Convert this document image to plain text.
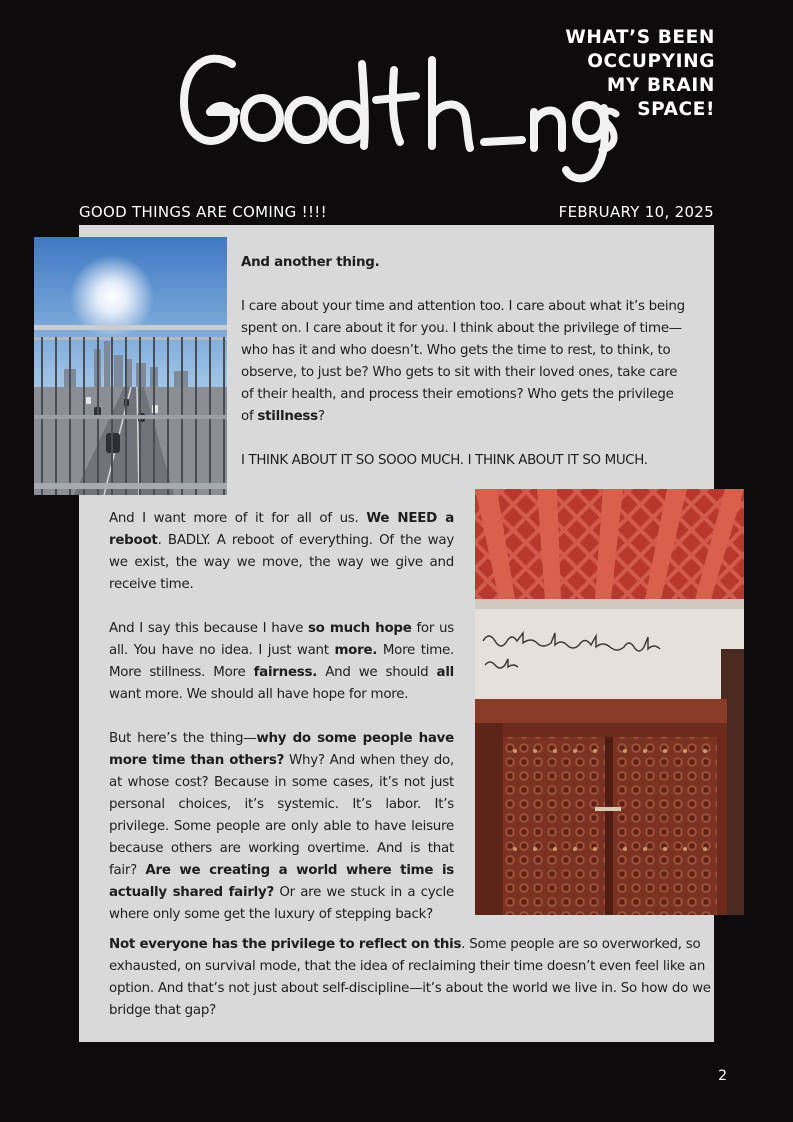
WHAT’S BEEN
OCCUPYING
MY BRAIN
SPACE!
GOOD THINGS ARE COMING !!!!	FEBRUARY 10, 2025

And another thing.

I care about your time and attention too. I care about what it’s being spent on. I care about it for you. I think about the privilege of time—who has it and who doesn’t. Who gets the time to rest, to think, to observe, to just be? Who gets to sit with their loved ones, take care of their health, and process their emotions? Who gets the privilege of stillness?

I THINK ABOUT IT SO SOOO MUCH. I THINK ABOUT IT SO MUCH.

And I want more of it for all of us. We NEED a reboot. BADLY. A reboot of everything. Of the way we exist, the way we move, the way we give and receive time.

And I say this because I have so much hope for us all. You have no idea. I just want more. More time. More stillness. More fairness. And we should all want more. We should all have hope for more.

But here’s the thing—why do some people have more time than others? Why? And when they do, at whose cost? Because in some cases, it’s not just personal choices, it’s systemic. It’s labor. It’s privilege. Some people are only able to have leisure because others are working overtime. And is that fair? Are we creating a world where time is actually shared fairly? Or are we stuck in a cycle where only some get the luxury of stepping back?

Not everyone has the privilege to reflect on this. Some people are so overworked, so exhausted, on survival mode, that the idea of reclaiming their time doesn’t even feel like an option. And that’s not just about self-discipline—it’s about the world we live in. So how do we bridge that gap?

2
